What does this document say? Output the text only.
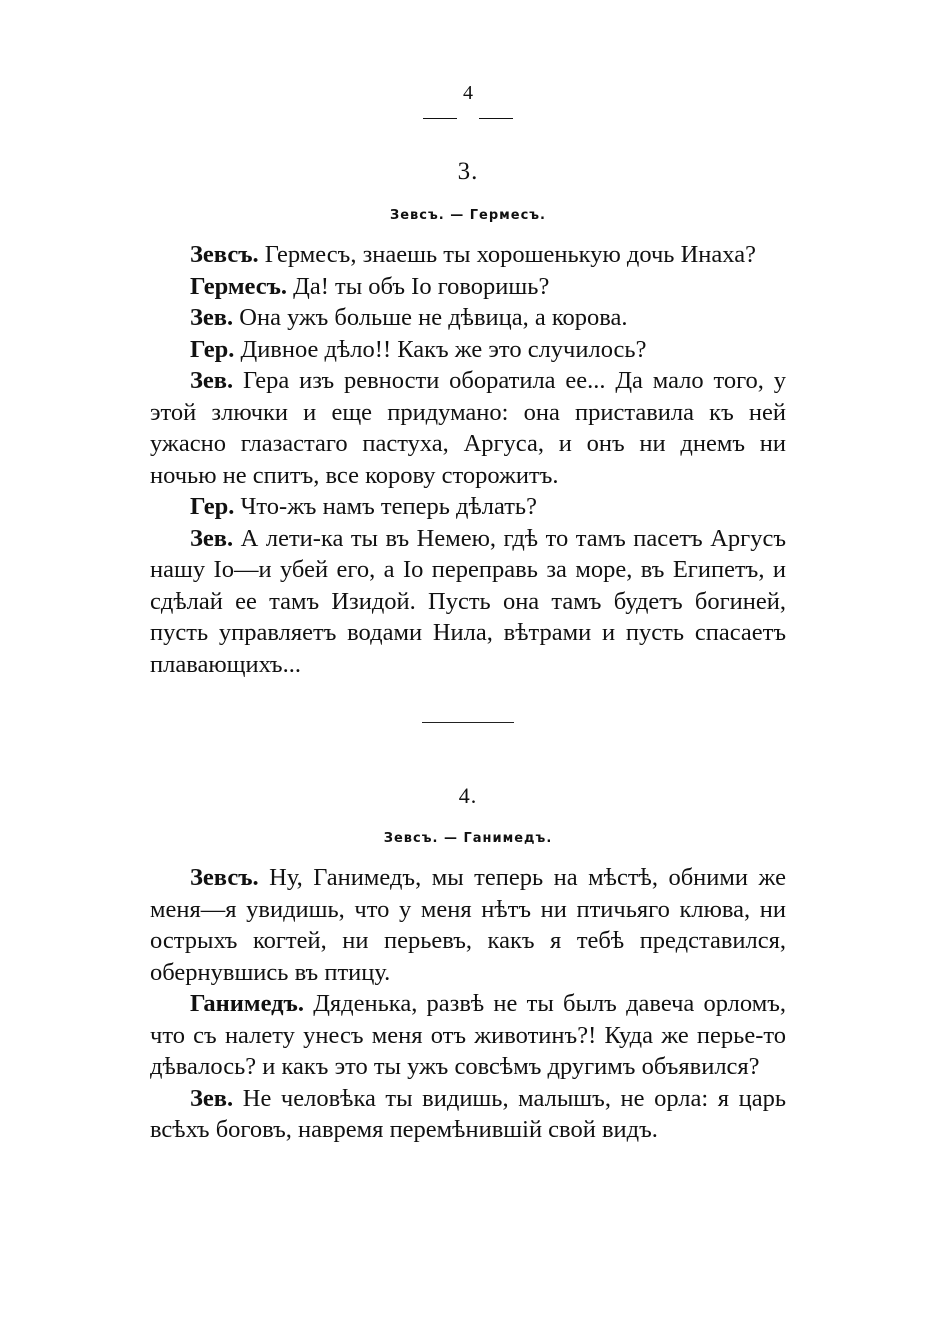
4
3.
Зевсъ. — Гермесъ.

Зевсъ. Гермесъ, знаешь ты хорошенькую дочь Инаха?

Гермесъ. Да! ты объ Іо говоришь?

Зев. Она ужъ больше не дѣвица, а корова.

Гер. Дивное дѣло!! Какъ же это случилось?

Зев. Гера изъ ревности оборатила ее... Да мало того, у этой злючки и еще придумано: она приставила къ ней ужасно глазастаго пастуха, Аргуса, и онъ ни днемъ ни ночью не спитъ, все корову сторожитъ.

Гер. Что-жъ намъ теперь дѣлать?

Зев. А лети-ка ты въ Немею, гдѣ то тамъ пасетъ Аргусъ нашу Іо—и убей его, а Іо переправь за море, въ Египетъ, и сдѣлай ее тамъ Изидой. Пусть она тамъ будетъ богиней, пусть управляетъ водами Нила, вѣтрами и пусть спасаетъ плавающихъ...

4.
Зевсъ. — Ганимедъ.

Зевсъ. Ну, Ганимедъ, мы теперь на мѣстѣ, обними же меня—я увидишь, что у меня нѣтъ ни птичьяго клюва, ни острыхъ когтей, ни перьевъ, какъ я тебѣ представился, обернувшись въ птицу.

Ганимедъ. Дяденька, развѣ не ты былъ давеча орломъ, что съ налету унесъ меня отъ животинъ?! Куда же перье-то дѣвалось? и какъ это ты ужъ совсѣмъ другимъ объявился?

Зев. Не человѣка ты видишь, малышъ, не орла: я царь всѣхъ боговъ, навремя перемѣнившій свой видъ.
